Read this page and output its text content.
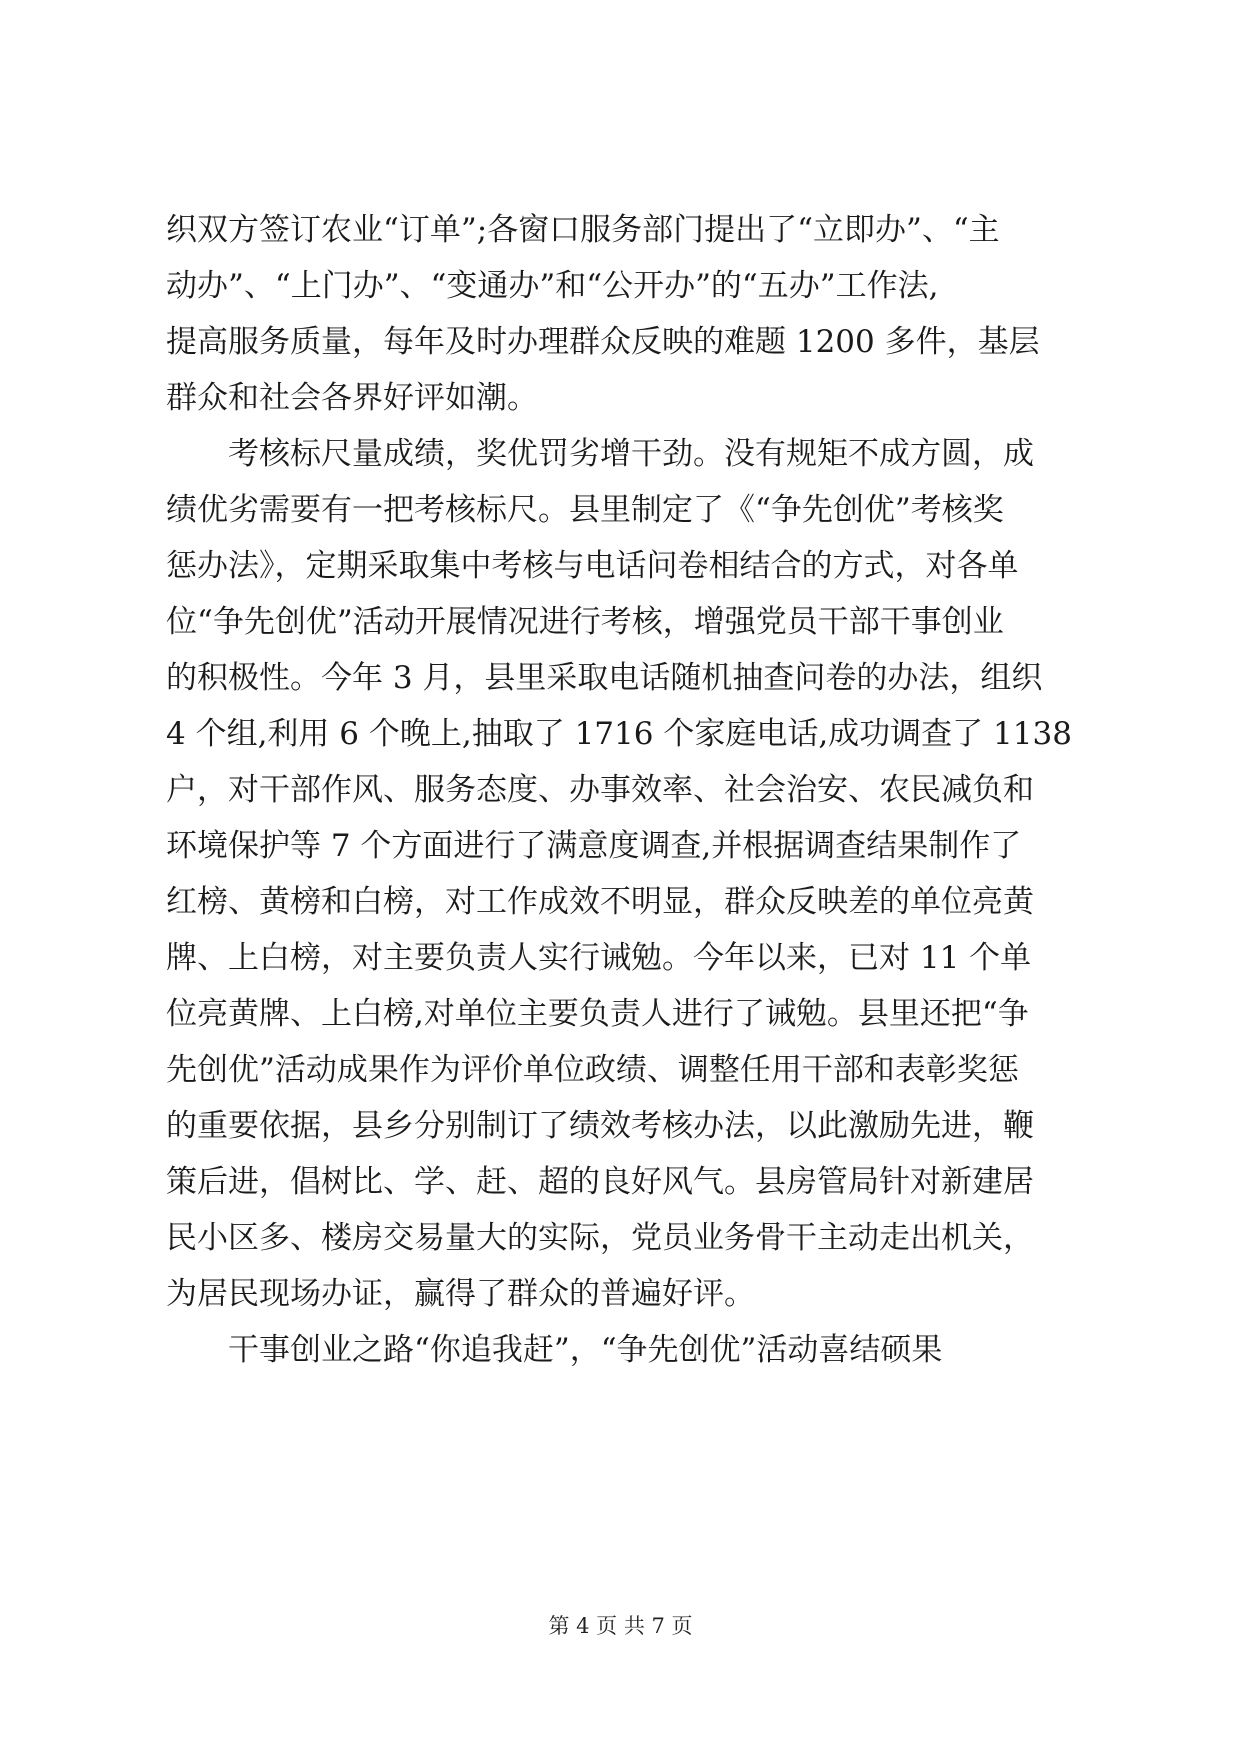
织双方签订农业“订单”;各窗口服务部门提出了“立即办”、“主
动办”、“上门办”、“变通办”和“公开办”的“五办”工作法,
提高服务质量，每年及时办理群众反映的难题 1200 多件，基层
群众和社会各界好评如潮。
考核标尺量成绩，奖优罚劣增干劲。没有规矩不成方圆，成
绩优劣需要有一把考核标尺。县里制定了《“争先创优”考核奖
惩办法》，定期采取集中考核与电话问卷相结合的方式，对各单
位“争先创优”活动开展情况进行考核，增强党员干部干事创业
的积极性。今年 3 月，县里采取电话随机抽查问卷的办法，组织
4 个组,利用 6 个晚上,抽取了 1716 个家庭电话,成功调查了 1138
户，对干部作风、服务态度、办事效率、社会治安、农民减负和
环境保护等 7 个方面进行了满意度调查,并根据调查结果制作了
红榜、黄榜和白榜，对工作成效不明显，群众反映差的单位亮黄
牌、上白榜，对主要负责人实行诫勉。今年以来，已对 11 个单
位亮黄牌、上白榜,对单位主要负责人进行了诫勉。县里还把“争
先创优”活动成果作为评价单位政绩、调整任用干部和表彰奖惩
的重要依据，县乡分别制订了绩效考核办法，以此激励先进，鞭
策后进，倡树比、学、赶、超的良好风气。县房管局针对新建居
民小区多、楼房交易量大的实际，党员业务骨干主动走出机关，
为居民现场办证，赢得了群众的普遍好评。
干事创业之路“你追我赶”，“争先创优”活动喜结硕果
第 4 页 共 7 页
